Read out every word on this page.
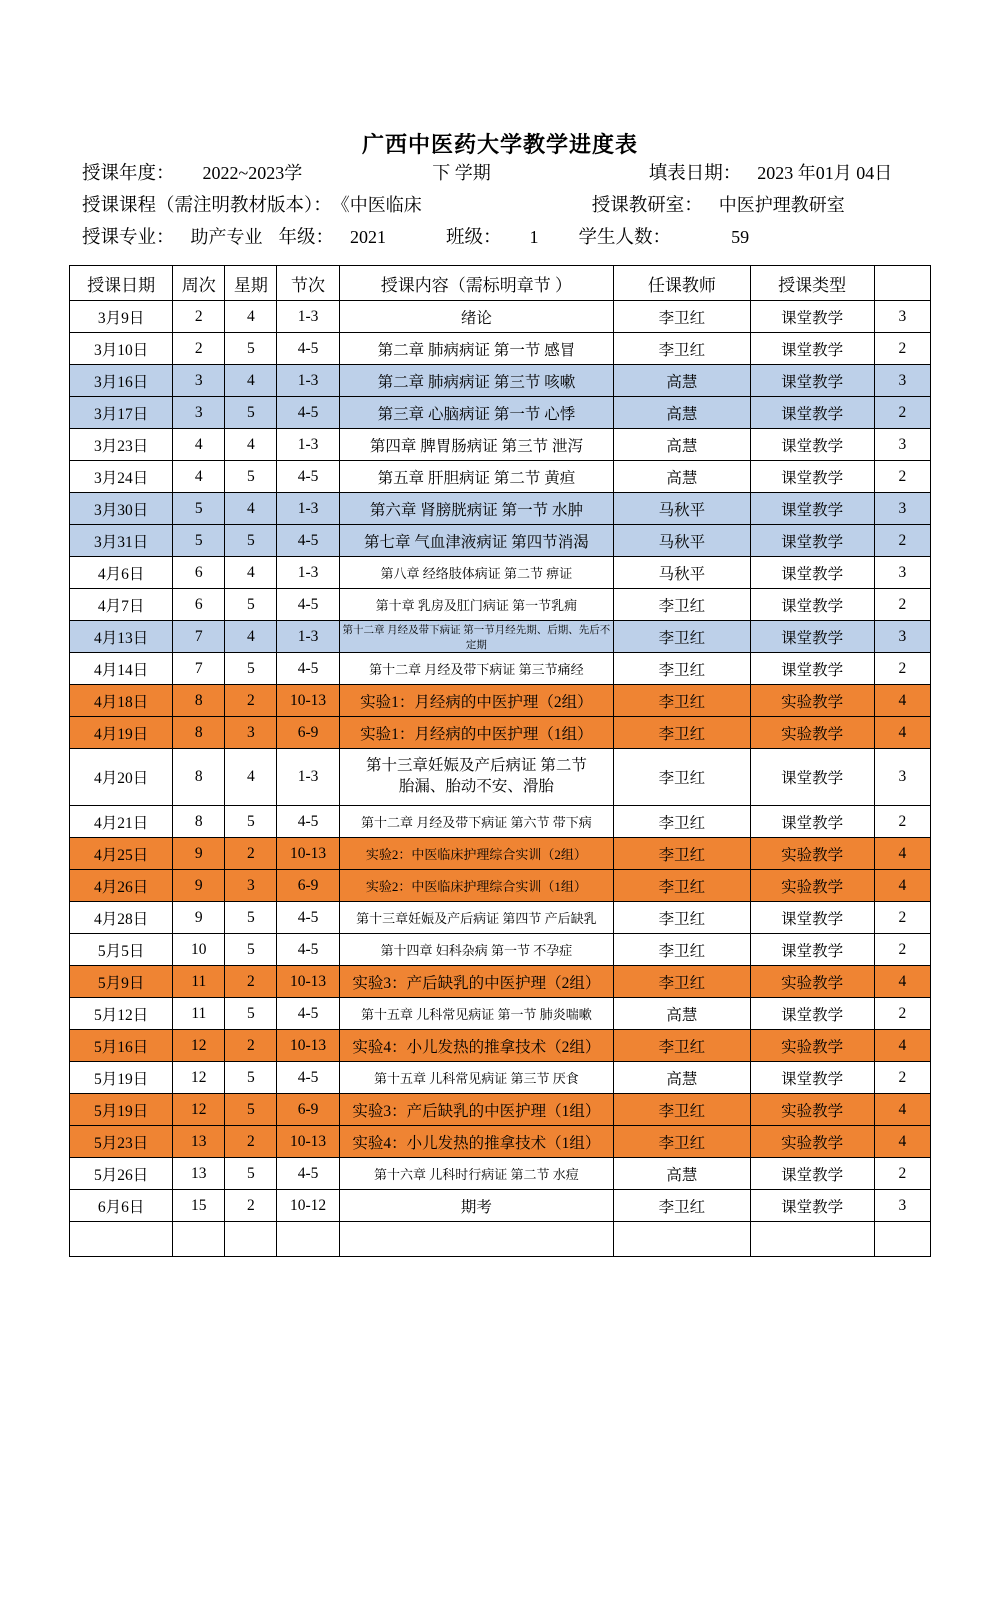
广西中医药大学教学进度表
授课年度： 2022~2023学	下 学期	填表日期： 2023 年01月 04日
授课课程（需注明教材版本）： 《中医临床	授课教研室： 中医护理教研室
授课专业： 助产专业 年级： 2021	班级： 1 学生人数：	59
授课日期	周次	星期	节次	授课内容（需标明章节 ）	任课教师	授课类型	
3月9日	2	4	1-3	绪论	李卫红	课堂教学	3
3月10日	2	5	4-5	第二章 肺病病证 第一节 感冒	李卫红	课堂教学	2
3月16日	3	4	1-3	第二章 肺病病证 第三节 咳嗽	高慧	课堂教学	3
3月17日	3	5	4-5	第三章 心脑病证 第一节 心悸	高慧	课堂教学	2
3月23日	4	4	1-3	第四章 脾胃肠病证 第三节 泄泻	高慧	课堂教学	3
3月24日	4	5	4-5	第五章 肝胆病证 第二节 黄疸	高慧	课堂教学	2
3月30日	5	4	1-3	第六章 肾膀胱病证 第一节 水肿	马秋平	课堂教学	3
3月31日	5	5	4-5	第七章 气血津液病证 第四节消渴	马秋平	课堂教学	2
4月6日	6	4	1-3	第八章 经络肢体病证 第二节 痹证	马秋平	课堂教学	3
4月7日	6	5	4-5	第十章 乳房及肛门病证 第一节乳痈	李卫红	课堂教学	2
4月13日	7	4	1-3	第十二章 月经及带下病证 第一节月经先期、后期、先后不定期	李卫红	课堂教学	3
4月14日	7	5	4-5	第十二章 月经及带下病证 第三节痛经	李卫红	课堂教学	2
4月18日	8	2	10-13	实验1：月经病的中医护理（2组）	李卫红	实验教学	4
4月19日	8	3	6-9	实验1：月经病的中医护理（1组）	李卫红	实验教学	4
4月20日	8	4	1-3	第十三章妊娠及产后病证 第二节
胎漏、胎动不安、滑胎	李卫红	课堂教学	3
4月21日	8	5	4-5	第十二章 月经及带下病证 第六节 带下病	李卫红	课堂教学	2
4月25日	9	2	10-13	实验2：中医临床护理综合实训（2组）	李卫红	实验教学	4
4月26日	9	3	6-9	实验2：中医临床护理综合实训（1组）	李卫红	实验教学	4
4月28日	9	5	4-5	第十三章妊娠及产后病证 第四节 产后缺乳	李卫红	课堂教学	2
5月5日	10	5	4-5	第十四章 妇科杂病 第一节 不孕症	李卫红	课堂教学	2
5月9日	11	2	10-13	实验3：产后缺乳的中医护理（2组）	李卫红	实验教学	4
5月12日	11	5	4-5	第十五章 儿科常见病证 第一节 肺炎喘嗽	高慧	课堂教学	2
5月16日	12	2	10-13	实验4：小儿发热的推拿技术（2组）	李卫红	实验教学	4
5月19日	12	5	4-5	第十五章 儿科常见病证 第三节 厌食	高慧	课堂教学	2
5月19日	12	5	6-9	实验3：产后缺乳的中医护理（1组）	李卫红	实验教学	4
5月23日	13	2	10-13	实验4：小儿发热的推拿技术（1组）	李卫红	实验教学	4
5月26日	13	5	4-5	第十六章 儿科时行病证 第二节 水痘	高慧	课堂教学	2
6月6日	15	2	10-12	期考	李卫红	课堂教学	3
